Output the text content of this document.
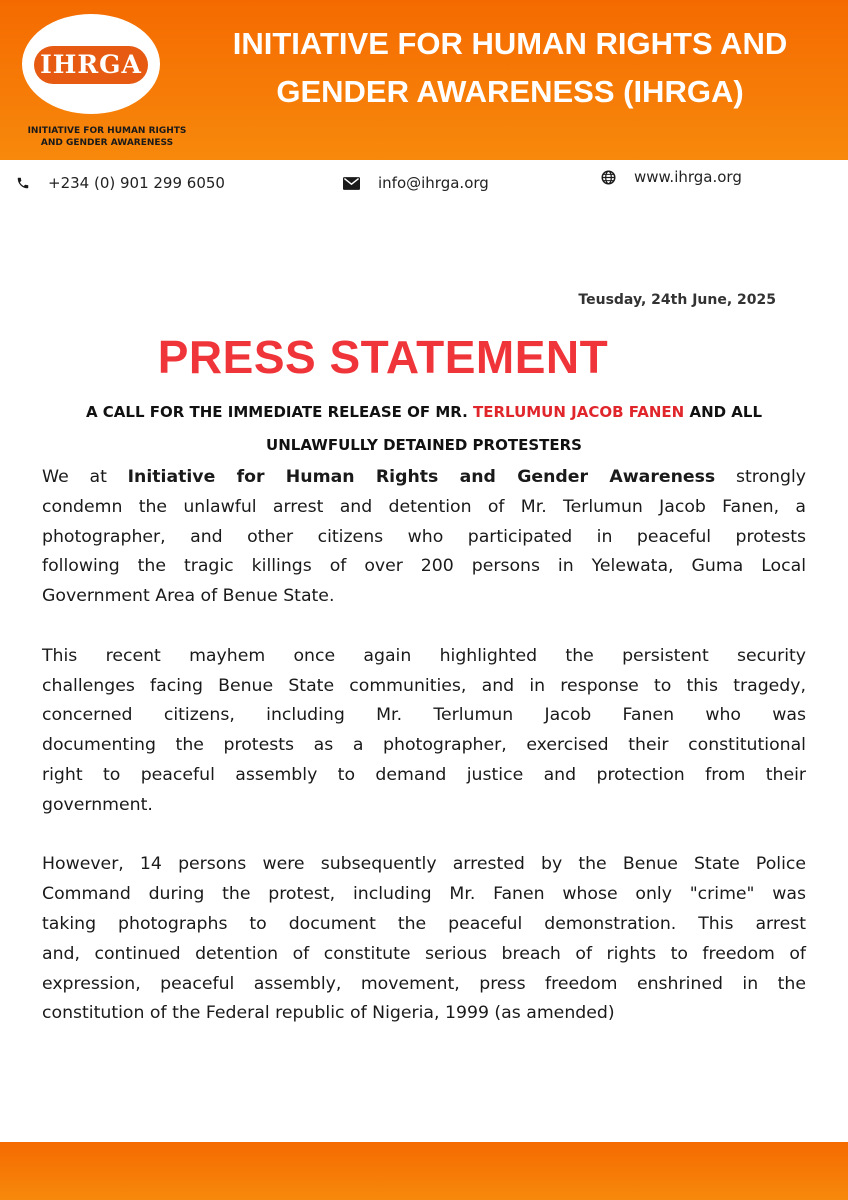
IHRGA
INITIATIVE FOR HUMAN RIGHTS
AND GENDER AWARENESS
INITIATIVE FOR HUMAN RIGHTS AND
GENDER AWARENESS (IHRGA)
+234 (0) 901 299 6050	info@ihrga.org	www.ihrga.org
Teusday, 24th June, 2025
PRESS STATEMENT
A CALL FOR THE IMMEDIATE RELEASE OF MR. TERLUMUN JACOB FANEN AND ALL
UNLAWFULLY DETAINED PROTESTERS
We at Initiative for Human Rights and Gender Awareness strongly
condemn the unlawful arrest and detention of Mr. Terlumun Jacob Fanen, a
photographer, and other citizens who participated in peaceful protests
following the tragic killings of over 200 persons in Yelewata, Guma Local
Government Area of Benue State.
This recent mayhem once again highlighted the persistent security
challenges facing Benue State communities, and in response to this tragedy,
concerned citizens, including Mr. Terlumun Jacob Fanen who was
documenting the protests as a photographer, exercised their constitutional
right to peaceful assembly to demand justice and protection from their
government.
However, 14 persons were subsequently arrested by the Benue State Police
Command during the protest, including Mr. Fanen whose only "crime" was
taking photographs to document the peaceful demonstration. This arrest
and, continued detention of constitute serious breach of rights to freedom of
expression, peaceful assembly, movement, press freedom enshrined in the
constitution of the Federal republic of Nigeria, 1999 (as amended)
